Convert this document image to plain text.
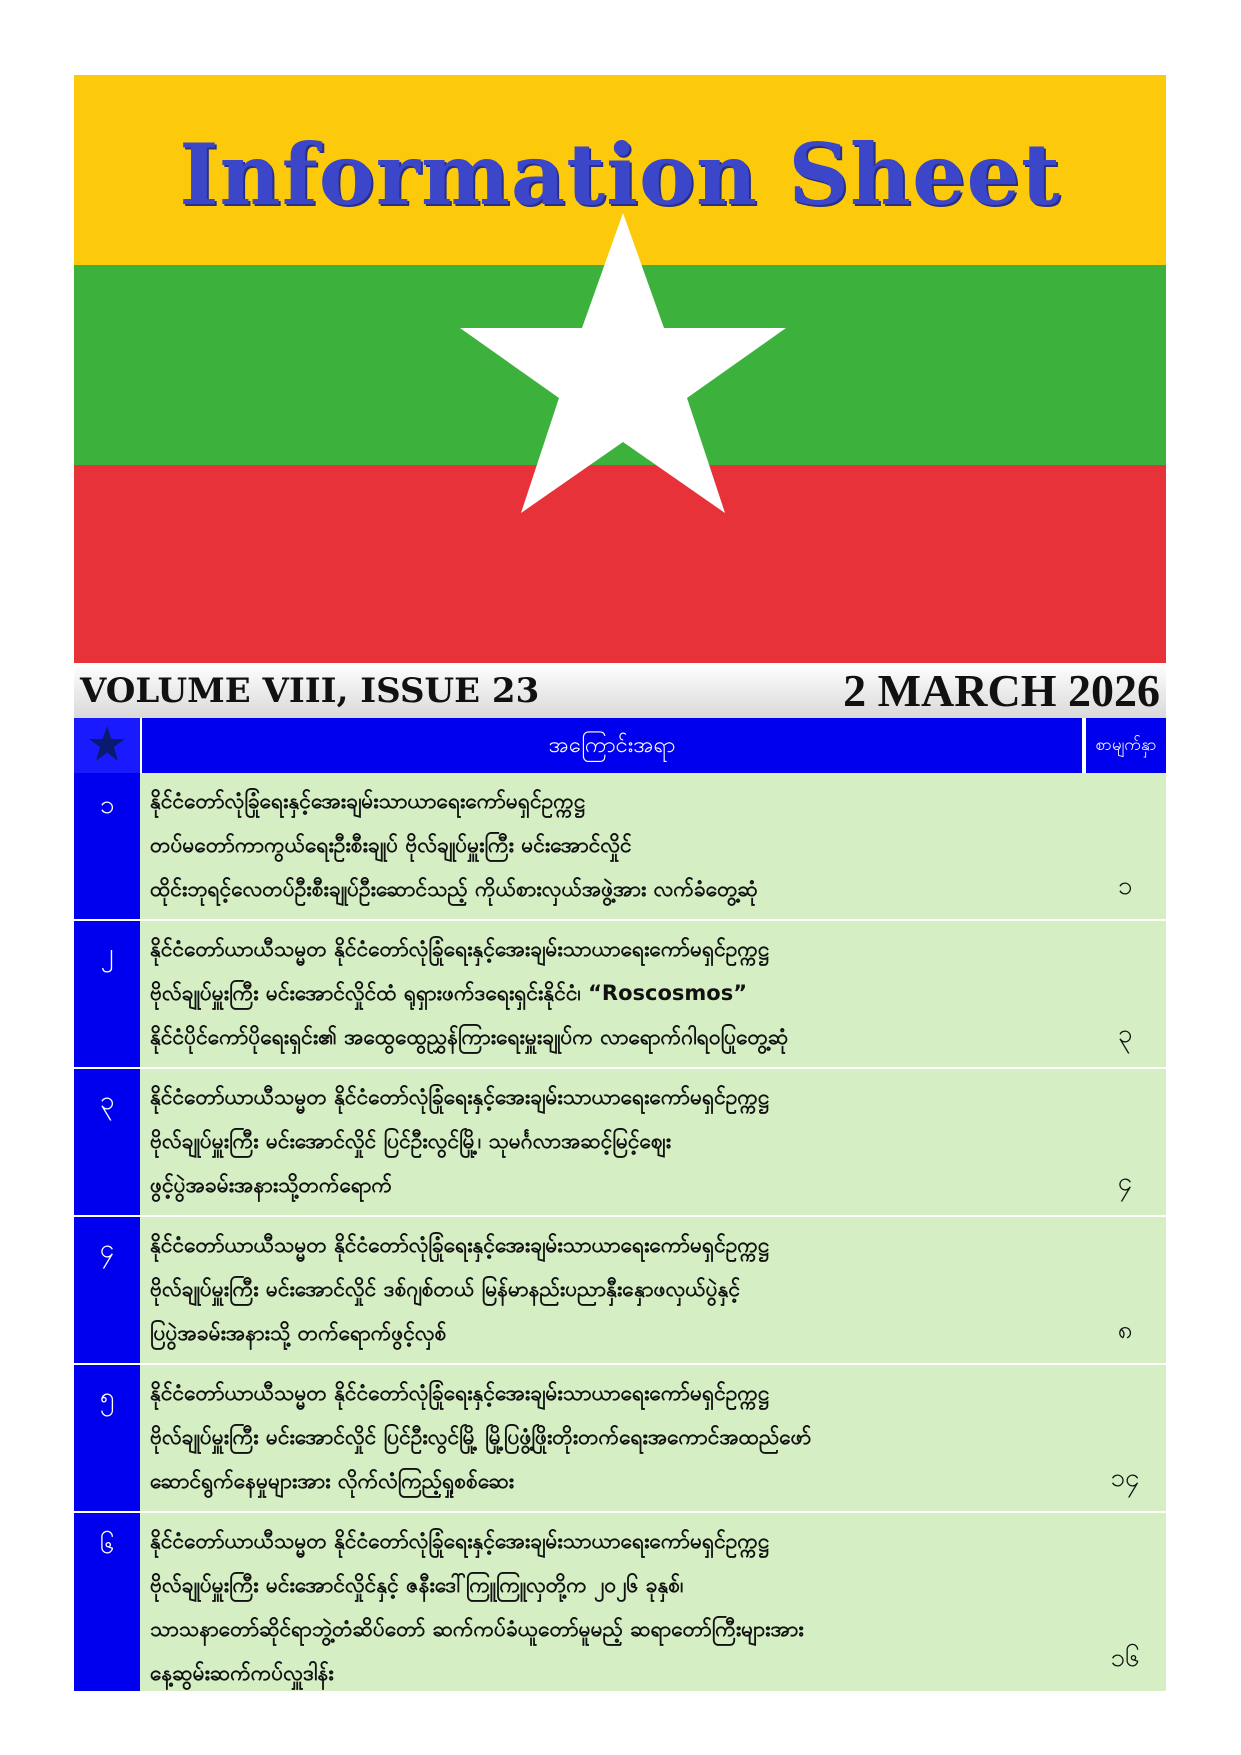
Information Sheet
VOLUME VIII, ISSUE 23	2 MARCH 2026
အကြောင်းအရာ	စာမျက်နှာ
၁	နိုင်ငံတော်လုံခြုံရေးနှင့်အေးချမ်းသာယာရေးကော်မရှင်ဥက္ကဋ္ဌ
တပ်မတော်ကာကွယ်ရေးဦးစီးချုပ် ဗိုလ်ချုပ်မှူးကြီး မင်းအောင်လှိုင်
ထိုင်းဘုရင့်လေတပ်ဦးစီးချုပ်ဦးဆောင်သည့် ကိုယ်စားလှယ်အဖွဲ့အား လက်ခံတွေ့ဆုံ	၁
၂	နိုင်ငံတော်ယာယီသမ္မတ နိုင်ငံတော်လုံခြုံရေးနှင့်အေးချမ်းသာယာရေးကော်မရှင်ဥက္ကဋ္ဌ
ဗိုလ်ချုပ်မှူးကြီး မင်းအောင်လှိုင်ထံ ရုရှားဖက်ဒရေးရှင်းနိုင်ငံ၊ “Roscosmos”
နိုင်ငံပိုင်ကော်ပိုရေးရှင်း၏ အထွေထွေညွှန်ကြားရေးမှူးချုပ်က လာရောက်ဂါရဝပြုတွေ့ဆုံ	၃
၃	နိုင်ငံတော်ယာယီသမ္မတ နိုင်ငံတော်လုံခြုံရေးနှင့်အေးချမ်းသာယာရေးကော်မရှင်ဥက္ကဋ္ဌ
ဗိုလ်ချုပ်မှူးကြီး မင်းအောင်လှိုင် ပြင်ဦးလွင်မြို့၊ သုမင်္ဂလာအဆင့်မြင့်ဈေး
ဖွင့်ပွဲအခမ်းအနားသို့တက်ရောက်	၄
၄	နိုင်ငံတော်ယာယီသမ္မတ နိုင်ငံတော်လုံခြုံရေးနှင့်အေးချမ်းသာယာရေးကော်မရှင်ဥက္ကဋ္ဌ
ဗိုလ်ချုပ်မှူးကြီး မင်းအောင်လှိုင် ဒစ်ဂျစ်တယ် မြန်မာနည်းပညာနှီးနှောဖလှယ်ပွဲနှင့်
ပြပွဲအခမ်းအနားသို့ တက်ရောက်ဖွင့်လှစ်	၈
၅	နိုင်ငံတော်ယာယီသမ္မတ နိုင်ငံတော်လုံခြုံရေးနှင့်အေးချမ်းသာယာရေးကော်မရှင်ဥက္ကဋ္ဌ
ဗိုလ်ချုပ်မှူးကြီး မင်းအောင်လှိုင် ပြင်ဦးလွင်မြို့ မြို့ပြဖွံ့ဖြိုးတိုးတက်ရေးအကောင်အထည်ဖော်
ဆောင်ရွက်နေမှုများအား လိုက်လံကြည့်ရှုစစ်ဆေး	၁၄
၆	နိုင်ငံတော်ယာယီသမ္မတ နိုင်ငံတော်လုံခြုံရေးနှင့်အေးချမ်းသာယာရေးကော်မရှင်ဥက္ကဋ္ဌ
ဗိုလ်ချုပ်မှူးကြီး မင်းအောင်လှိုင်နှင့် ဇနီးဒေါ်ကြူကြူလှတို့က ၂၀၂၆ ခုနှစ်၊
သာသနာတော်ဆိုင်ရာဘွဲ့တံဆိပ်တော် ဆက်ကပ်ခံယူတော်မူမည့် ဆရာတော်ကြီးများအား
နေ့ဆွမ်းဆက်ကပ်လှူဒါန်း	၁၆
